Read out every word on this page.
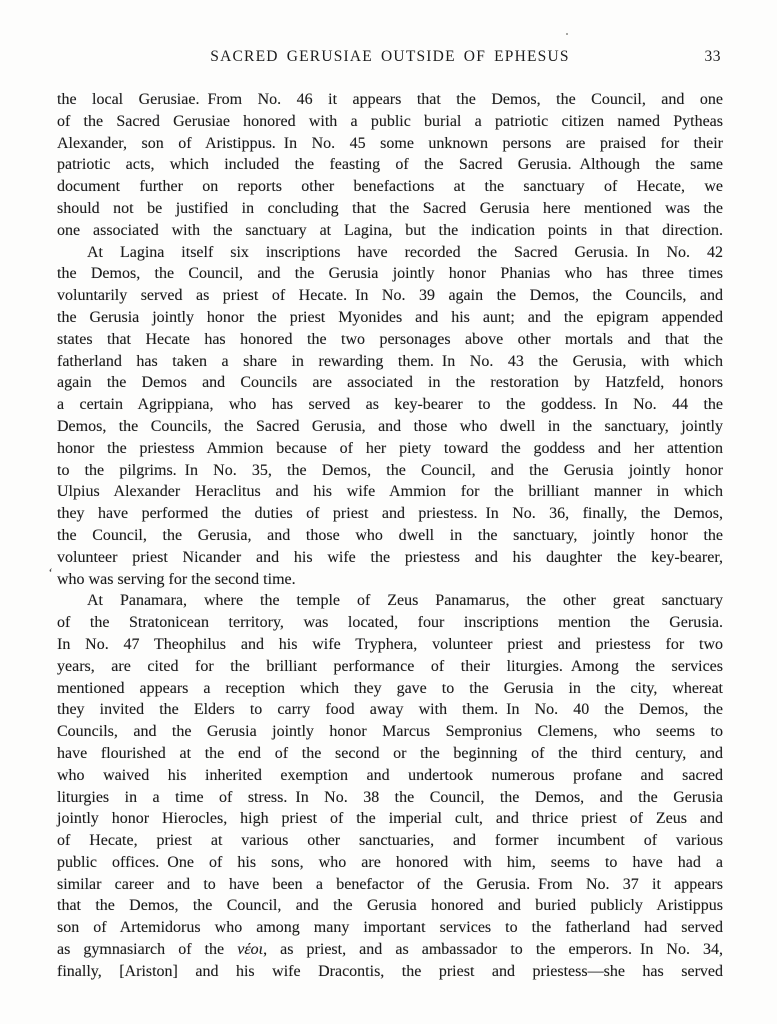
SACRED GERUSIAE OUTSIDE OF EPHESUS	33
‘

the local Gerusiae. From No. 46 it appears that the Demos, the Council, and one
of the Sacred Gerusiae honored with a public burial a patriotic citizen named Pytheas
Alexander, son of Aristippus. In No. 45 some unknown persons are praised for their
patriotic acts, which included the feasting of the Sacred Gerusia. Although the same
document further on reports other benefactions at the sanctuary of Hecate, we
should not be justified in concluding that the Sacred Gerusia here mentioned was the
one associated with the sanctuary at Lagina, but the indication points in that direction.

At Lagina itself six inscriptions have recorded the Sacred Gerusia. In No. 42
the Demos, the Council, and the Gerusia jointly honor Phanias who has three times
voluntarily served as priest of Hecate. In No. 39 again the Demos, the Councils, and
the Gerusia jointly honor the priest Myonides and his aunt; and the epigram appended
states that Hecate has honored the two personages above other mortals and that the
fatherland has taken a share in rewarding them. In No. 43 the Gerusia, with which
again the Demos and Councils are associated in the restoration by Hatzfeld, honors
a certain Agrippiana, who has served as key-bearer to the goddess. In No. 44 the
Demos, the Councils, the Sacred Gerusia, and those who dwell in the sanctuary, jointly
honor the priestess Ammion because of her piety toward the goddess and her attention
to the pilgrims. In No. 35, the Demos, the Council, and the Gerusia jointly honor
Ulpius Alexander Heraclitus and his wife Ammion for the brilliant manner in which
they have performed the duties of priest and priestess. In No. 36, finally, the Demos,
the Council, the Gerusia, and those who dwell in the sanctuary, jointly honor the
volunteer priest Nicander and his wife the priestess and his daughter the key-bearer,
who was serving for the second time.

At Panamara, where the temple of Zeus Panamarus, the other great sanctuary
of the Stratonicean territory, was located, four inscriptions mention the Gerusia.
In No. 47 Theophilus and his wife Tryphera, volunteer priest and priestess for two
years, are cited for the brilliant performance of their liturgies. Among the services
mentioned appears a reception which they gave to the Gerusia in the city, whereat
they invited the Elders to carry food away with them. In No. 40 the Demos, the
Councils, and the Gerusia jointly honor Marcus Sempronius Clemens, who seems to
have flourished at the end of the second or the beginning of the third century, and
who waived his inherited exemption and undertook numerous profane and sacred
liturgies in a time of stress. In No. 38 the Council, the Demos, and the Gerusia
jointly honor Hierocles, high priest of the imperial cult, and thrice priest of Zeus and
of Hecate, priest at various other sanctuaries, and former incumbent of various
public offices. One of his sons, who are honored with him, seems to have had a
similar career and to have been a benefactor of the Gerusia. From No. 37 it appears
that the Demos, the Council, and the Gerusia honored and buried publicly Aristippus
son of Artemidorus who among many important services to the fatherland had served
as gymnasiarch of the νέοι, as priest, and as ambassador to the emperors. In No. 34,
finally, [Ariston] and his wife Dracontis, the priest and priestess—she has served
